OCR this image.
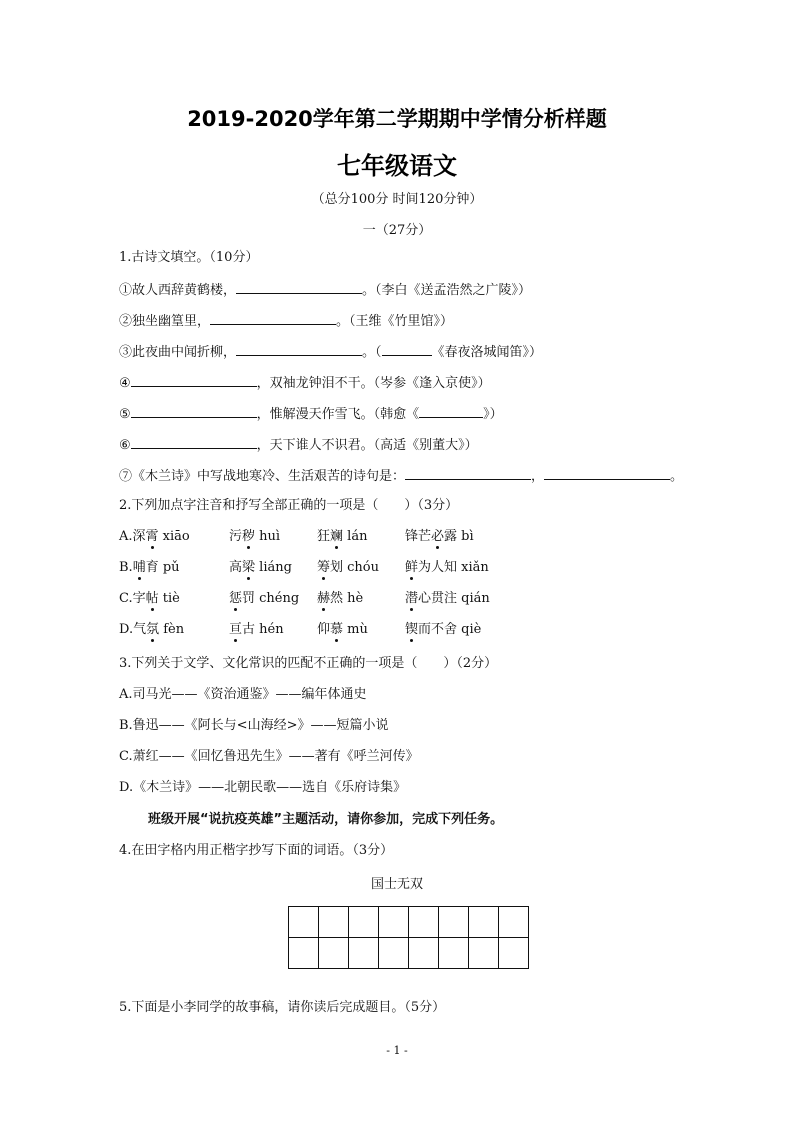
2019-2020学年第二学期期中学情分析样题
七年级语文
（总分100分 时间120分钟）
一（27分）
1.古诗文填空。（10分）
①故人西辞黄鹤楼，	。（李白《送孟浩然之广陵》）
②独坐幽篁里，	。（王维《竹里馆》）
③此夜曲中闻折柳，	。（	《春夜洛城闻笛》）
④	，双袖龙钟泪不干。（岑参《逢入京使》）
⑤	，惟解漫天作雪飞。（韩愈《	》）
⑥	，天下谁人不识君。（高适《别董大》）
⑦《木兰诗》中写战地寒冷、生活艰苦的诗句是：	，	。
2.下列加点字注音和抒写全部正确的一项是（　　）（3分）
A.深霄 xiāo	污秽 huì	狂斓 lán	锋芒必露 bì
B.哺育 pǔ	高梁 liáng 筹划 chóu 鲜为人知 xiǎn
C.字帖 tiè	惩罚 chéng 赫然 hè	潜心贯注 qián
D.气氛 fèn	亘古 hén	仰慕 mù	锲而不舍 qiè
3.下列关于文学、文化常识的匹配不正确的一项是（　　）（2分）
A.司马光——《资治通鉴》——编年体通史
B.鲁迅——《阿长与<山海经>》——短篇小说
C.萧红——《回忆鲁迅先生》——著有《呼兰河传》
D.《木兰诗》——北朝民歌——选自《乐府诗集》
班级开展“说抗疫英雄”主题活动，请你参加，完成下列任务。
4.在田字格内用正楷字抄写下面的词语。（3分）
国士无双

5.下面是小李同学的故事稿，请你读后完成题目。（5分）
- 1 -
